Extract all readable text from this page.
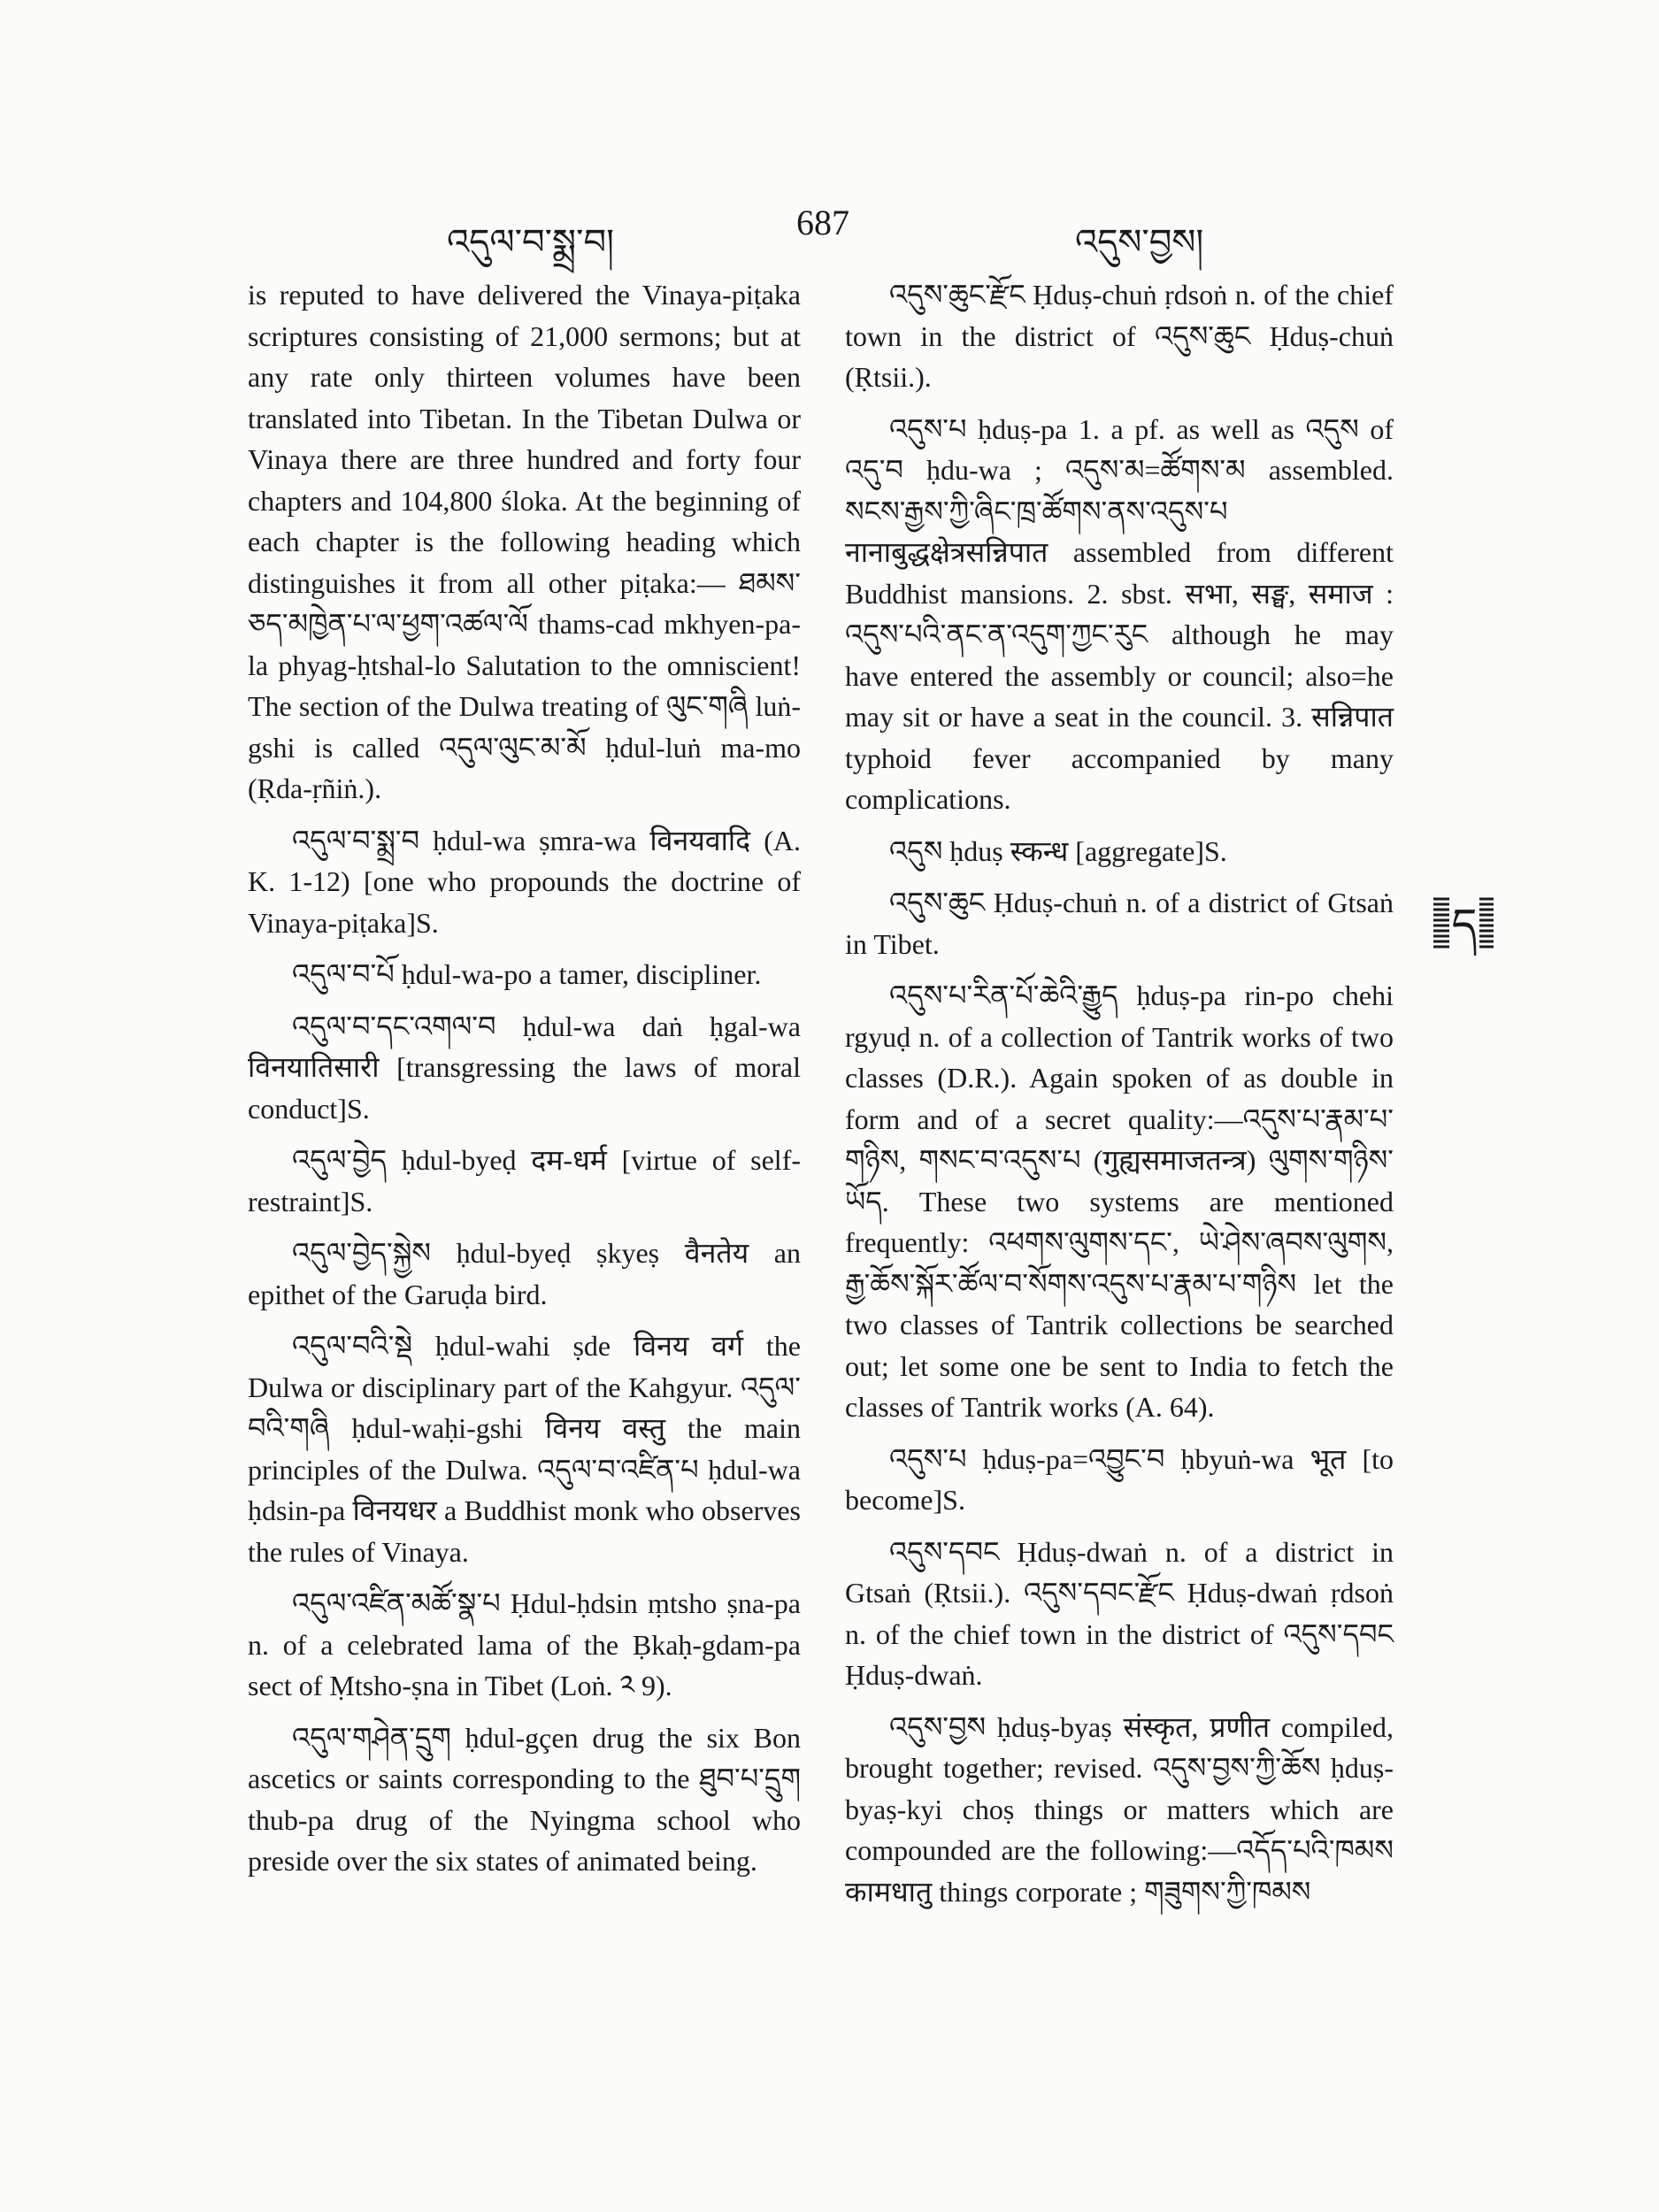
འདུལ་བ་སྨྲ་བ།	687	འདུས་བྱས།

is reputed to have delivered the Vinaya-piṭaka scriptures consisting of 21,000 sermons; but at any rate only thirteen volumes have been translated into Tibetan. In the Tibetan Dulwa or Vinaya there are three hundred and forty four chapters and 104,800 śloka. At the beginning of each chapter is the following heading which distinguishes it from all other piṭaka:— ཐམས་ཅད་མཁྱེན་པ་ལ་ཕྱག་འཚལ་ལོ thams-cad mkhyen-pa-la phyag-ḥtshal-lo Salutation to the omniscient! The section of the Dulwa treating of ལུང་གཞི luṅ-gshi is called འདུལ་ལུང་མ་མོ ḥdul-luṅ ma-mo (Ṛda-ṛñiṅ.).

འདུལ་བ་སྨྲ་བ ḥdul-wa ṣmra-wa विनयवादि (A. K. 1-12) [one who propounds the doctrine of Vinaya-piṭaka]S.

འདུལ་བ་པོ ḥdul-wa-po a tamer, discipliner.

འདུལ་བ་དང་འགལ་བ ḥdul-wa daṅ ḥgal-wa विनयातिसारी [transgressing the laws of moral conduct]S.

འདུལ་བྱེད ḥdul-byeḍ दम-धर्म [virtue of self-restraint]S.

འདུལ་བྱེད་སྐྱེས ḥdul-byeḍ ṣkyeṣ वैनतेय an epithet of the Garuḍa bird.

འདུལ་བའི་སྡེ ḥdul-wahi ṣde विनय वर्ग the Dulwa or disciplinary part of the Kahgyur. འདུལ་བའི་གཞི ḥdul-waḥi-gshi विनय वस्तु the main principles of the Dulwa. འདུལ་བ་འཛིན་པ ḥdul-wa ḥdsin-pa विनयधर a Buddhist monk who observes the rules of Vinaya.

འདུལ་འཛིན་མཚོ་སྣ་པ Ḥdul-ḥdsin ṃtsho ṣna-pa n. of a celebrated lama of the Ḅkaḥ-gdam-pa sect of Ṃtsho-ṣna in Tibet (Loṅ. ༢ 9).

འདུལ་གཤེན་དྲུག ḥdul-gçen drug the six Bon ascetics or saints corresponding to the ཐུབ་པ་དྲུག thub-pa drug of the Nyingma school who preside over the six states of animated being.

འདུས་ཆུང་རྫོང Ḥduṣ-chuṅ ṛdsoṅ n. of the chief town in the district of འདུས་ཆུང Ḥduṣ-chuṅ (Ṛtsii.).

འདུས་པ ḥduṣ-pa 1. a pf. as well as འདུས of འདུ་བ ḥdu-wa ; འདུས་མ=ཚོགས་མ assembled. སངས་རྒྱས་ཀྱི་ཞིང་ཁྲ་ཚོགས་ནས་འདུས་པ नानाबुद्धक्षेत्रसन्निपात assembled from different Buddhist mansions. 2. sbst. सभा, सङ्घ, समाज : འདུས་པའི་ནང་ན་འདུག་ཀྱང་རུང although he may have entered the assembly or council; also=he may sit or have a seat in the council. 3. सन्निपात typhoid fever accompanied by many complications.

འདུས ḥduṣ स्कन्ध [aggregate]S.

འདུས་ཆུང Ḥduṣ-chuṅ n. of a district of Gtsaṅ in Tibet.

འདུས་པ་རིན་པོ་ཆེའི་རྒྱུད ḥduṣ-pa rin-po chehi rgyuḍ n. of a collection of Tantrik works of two classes (D.R.). Again spoken of as double in form and of a secret quality:—འདུས་པ་རྣམ་པ་གཉིས, གསང་བ་འདུས་པ (गुह्यसमाजतन्त्र) ལུགས་གཉིས་ཡོད. These two systems are mentioned frequently: འཕགས་ལུགས་དང་, ཡེ་ཤེས་ཞབས་ལུགས, རྒྱ་ཆོས་སྐོར་ཚོལ་བ་སོགས་འདུས་པ་རྣམ་པ་གཉིས let the two classes of Tantrik collections be searched out; let some one be sent to India to fetch the classes of Tantrik works (A. 64).

འདུས་པ ḥduṣ-pa=འབྱུང་བ ḥbyuṅ-wa भूत [to become]S.

འདུས་དབང Ḥduṣ-dwaṅ n. of a district in Gtsaṅ (Ṛtsii.). འདུས་དབང་རྫོང Ḥduṣ-dwaṅ ṛdsoṅ n. of the chief town in the district of འདུས་དབང Ḥduṣ-dwaṅ.

འདུས་བྱས ḥduṣ-byaṣ संस्कृत, प्रणीत compiled, brought together; revised. འདུས་བྱས་ཀྱི་ཆོས ḥduṣ-byaṣ-kyi choṣ things or matters which are compounded are the following:—འདོད་པའི་ཁམས कामधातु things corporate ; གཟུགས་ཀྱི་ཁམས

ད
